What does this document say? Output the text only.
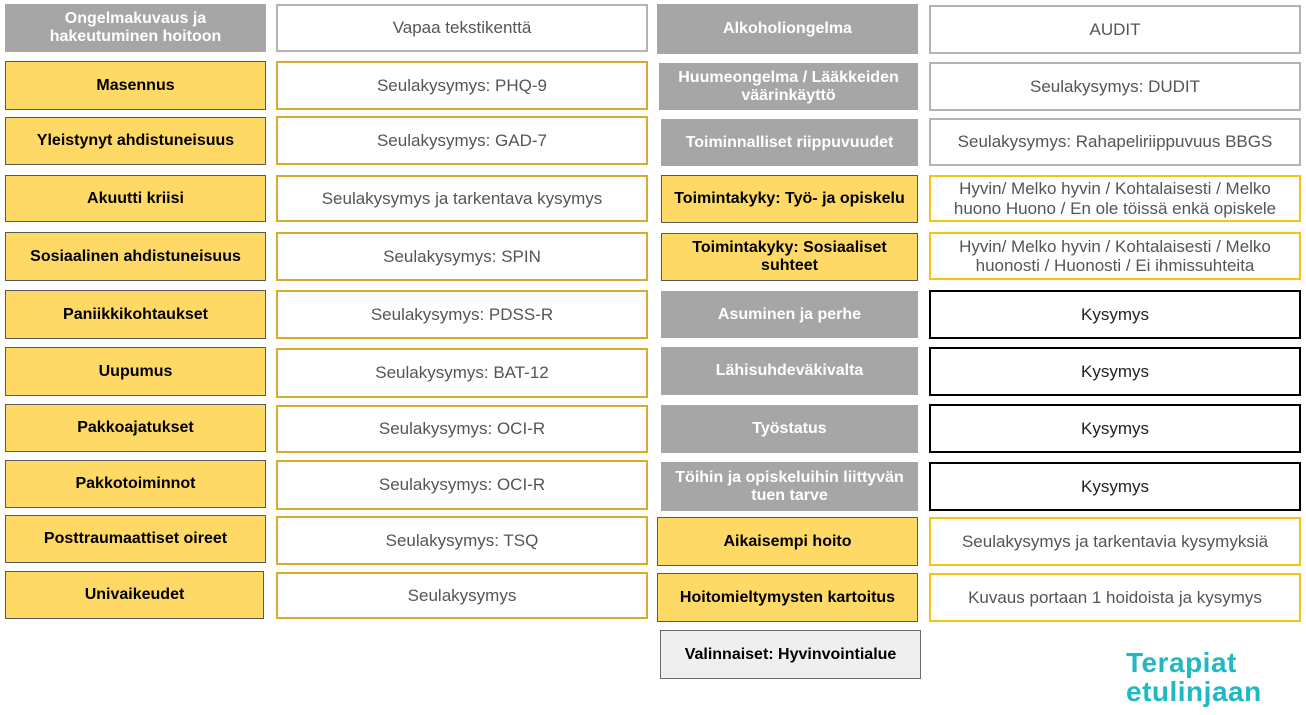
Ongelmakuvaus ja hakeutuminen hoitoon
Masennus
Yleistynyt ahdistuneisuus
Akuutti kriisi
Sosiaalinen ahdistuneisuus
Paniikkikohtaukset
Uupumus
Pakkoajatukset
Pakkotoiminnot
Posttraumaattiset oireet
Univaikeudet
Vapaa tekstikenttä
Seulakysymys: PHQ-9
Seulakysymys: GAD-7
Seulakysymys ja tarkentava kysymys
Seulakysymys: SPIN
Seulakysymys: PDSS-R
Seulakysymys: BAT-12
Seulakysymys: OCI-R
Seulakysymys: OCI-R
Seulakysymys: TSQ
Seulakysymys
Alkoholiongelma
Huumeongelma / Lääkkeiden väärinkäyttö
Toiminnalliset riippuvuudet
Toimintakyky: Työ- ja opiskelu
Toimintakyky: Sosiaaliset suhteet
Asuminen ja perhe
Lähisuhdeväkivalta
Työstatus
Töihin ja opiskeluihin liittyvän tuen tarve
Aikaisempi hoito
Hoitomieltymysten kartoitus
AUDIT
Seulakysymys: DUDIT
Seulakysymys: Rahapeliriippuvuus BBGS
Hyvin/ Melko hyvin / Kohtalaisesti / Melko huono Huono / En ole töissä enkä opiskele
Hyvin/ Melko hyvin / Kohtalaisesti / Melko huonosti / Huonosti / Ei ihmissuhteita
Kysymys
Kysymys
Kysymys
Kysymys
Seulakysymys ja tarkentavia kysymyksiä
Kuvaus portaan 1 hoidoista ja kysymys
Valinnaiset: Hyvinvointialue	Terapiat
etulinjaan
